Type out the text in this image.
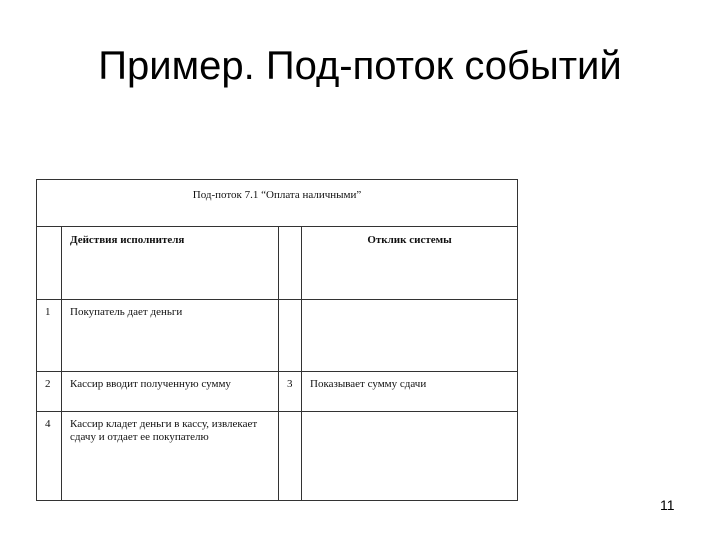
Пример. Под-поток событий
Под-поток 7.1 “Оплата наличными”			
	Действия исполнителя		Отклик системы
1	Покупатель дает деньги		
2	Кассир вводит полученную сумму	3	Показывает сумму сдачи
4	Кассир кладет деньги в кассу, извлекает сдачу и отдает ее покупателю		
11
